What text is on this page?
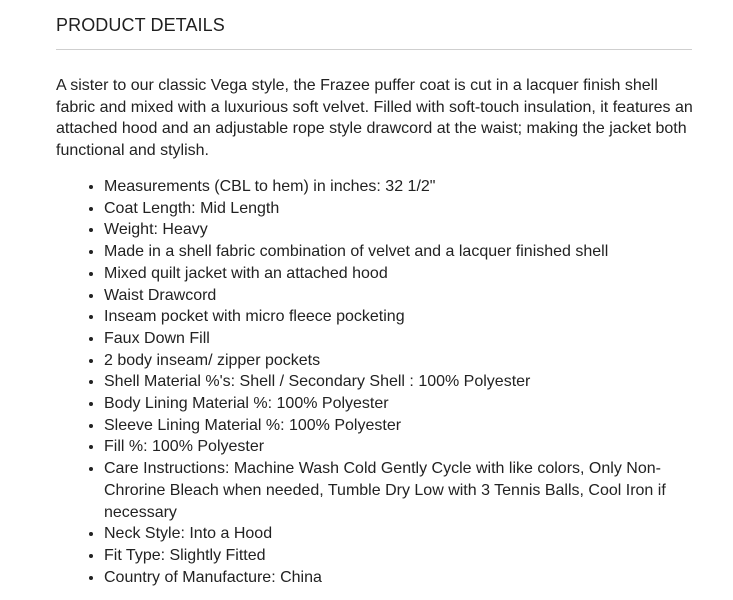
PRODUCT DETAILS

A sister to our classic Vega style, the Frazee puffer coat is cut in a lacquer finish shell fabric and mixed with a luxurious soft velvet. Filled with soft-touch insulation, it features an attached hood and an adjustable rope style drawcord at the waist; making the jacket both functional and stylish.

• Measurements (CBL to hem) in inches: 32 1/2"
• Coat Length: Mid Length
• Weight: Heavy
• Made in a shell fabric combination of velvet and a lacquer finished shell
• Mixed quilt jacket with an attached hood
• Waist Drawcord
• Inseam pocket with micro fleece pocketing
• Faux Down Fill
• 2 body inseam/ zipper pockets
• Shell Material %'s: Shell / Secondary Shell : 100% Polyester
• Body Lining Material %: 100% Polyester
• Sleeve Lining Material %: 100% Polyester
• Fill %: 100% Polyester
• Care Instructions: Machine Wash Cold Gently Cycle with like colors, Only Non-Chrorine Bleach when needed, Tumble Dry Low with 3 Tennis Balls, Cool Iron if necessary
• Neck Style: Into a Hood
• Fit Type: Slightly Fitted
• Country of Manufacture: China
